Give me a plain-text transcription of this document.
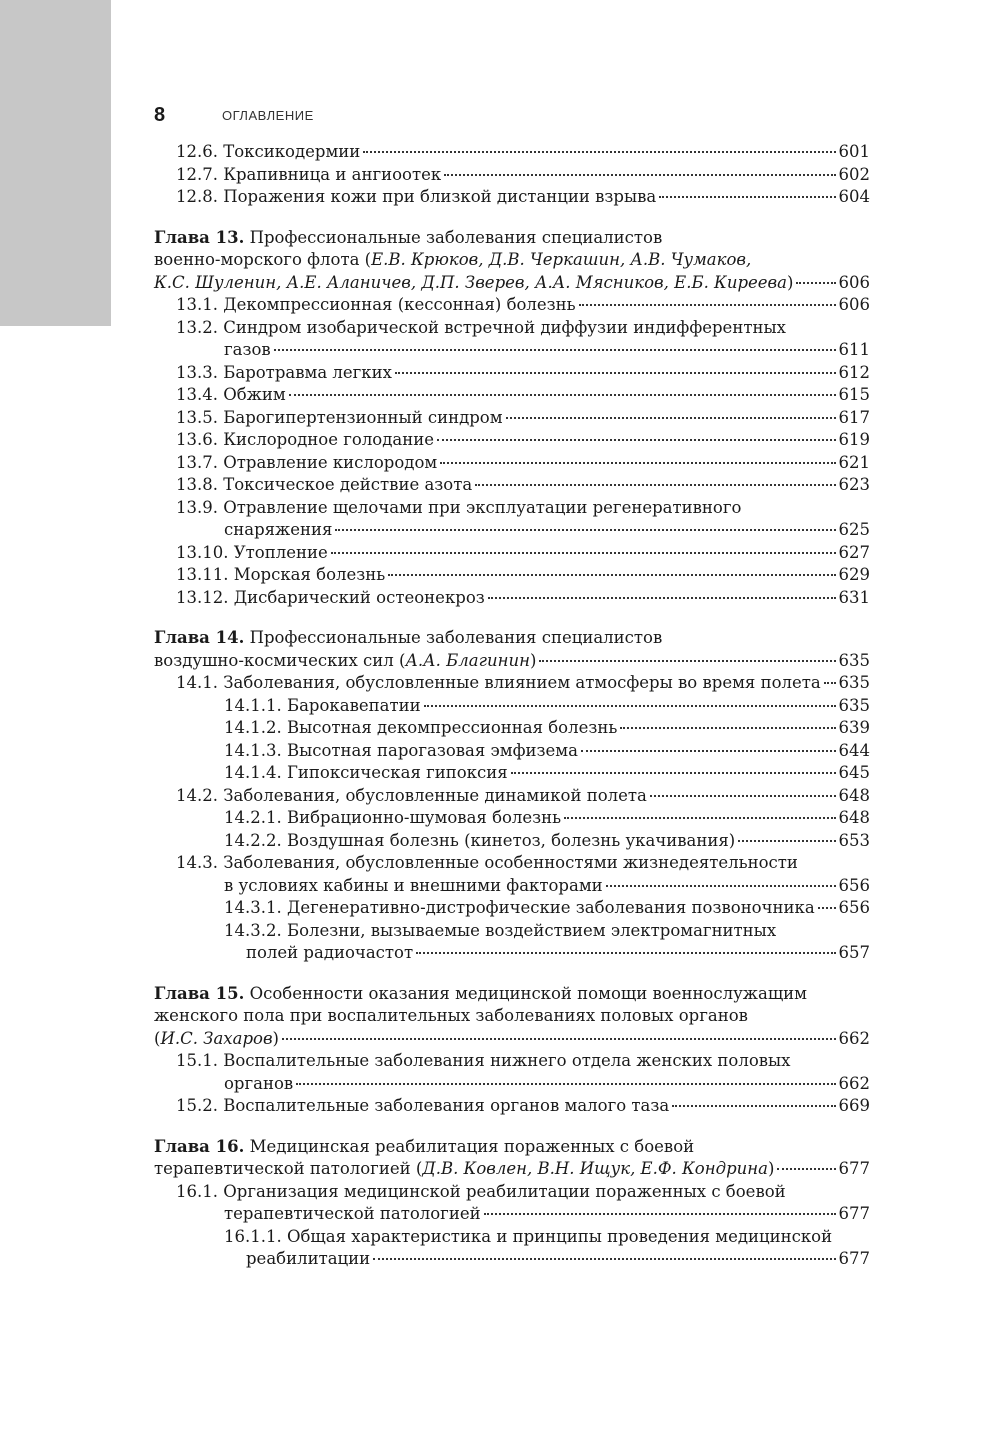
8	ОГЛАВЛЕНИЕ
12.6. Токсикодермии	601
12.7. Крапивница и ангиоотек	602
12.8. Поражения кожи при близкой дистанции взрыва	604
Глава 13. Профессиональные заболевания специалистов
военно-морского флота (Е.В. Крюков, Д.В. Черкашин, А.В. Чумаков,
К.С. Шуленин, А.Е. Аланичев, Д.П. Зверев, А.А. Мясников, Е.Б. Киреева)	606
13.1. Декомпрессионная (кессонная) болезнь	606
13.2. Синдром изобарической встречной диффузии индифферентных
газов	611
13.3. Баротравма легких	612
13.4. Обжим	615
13.5. Барогипертензионный синдром	617
13.6. Кислородное голодание	619
13.7. Отравление кислородом	621
13.8. Токсическое действие азота	623
13.9. Отравление щелочами при эксплуатации регенеративного
снаряжения	625
13.10. Утопление	627
13.11. Морская болезнь	629
13.12. Дисбарический остеонекроз	631
Глава 14. Профессиональные заболевания специалистов
воздушно-космических сил (А.А. Благинин)	635
14.1. Заболевания, обусловленные влиянием атмосферы во время полета 635
14.1.1. Баpокавепатии	635
14.1.2. Высотная декомпрессионная болезнь	639
14.1.3. Высотная парогазовая эмфизема	644
14.1.4. Гипоксическая гипоксия	645
14.2. Заболевания, обусловленные динамикой полета	648
14.2.1. Вибрационно-шумовая болезнь	648
14.2.2. Воздушная болезнь (кинетоз, болезнь укачивания)	653
14.3. Заболевания, обусловленные особенностями жизнедеятельности
в условиях кабины и внешними факторами	656
14.3.1. Дегенеративно-дистрофические заболевания позвоночника 656
14.3.2. Болезни, вызываемые воздействием электромагнитных
полей радиочастот	657
Глава 15. Особенности оказания медицинской помощи военнослужащим
женского пола при воспалительных заболеваниях половых органов
(И.С. Захаров)	662
15.1. Воспалительные заболевания нижнего отдела женских половых
органов	662
15.2. Воспалительные заболевания органов малого таза	669
Глава 16. Медицинская реабилитация пораженных с боевой
терапевтической патологией (Д.В. Ковлен, В.Н. Ищук, Е.Ф. Кондрина)	677
16.1. Организация медицинской реабилитации пораженных с боевой
терапевтической патологией	677
16.1.1. Общая характеристика и принципы проведения медицинской
реабилитации	677
